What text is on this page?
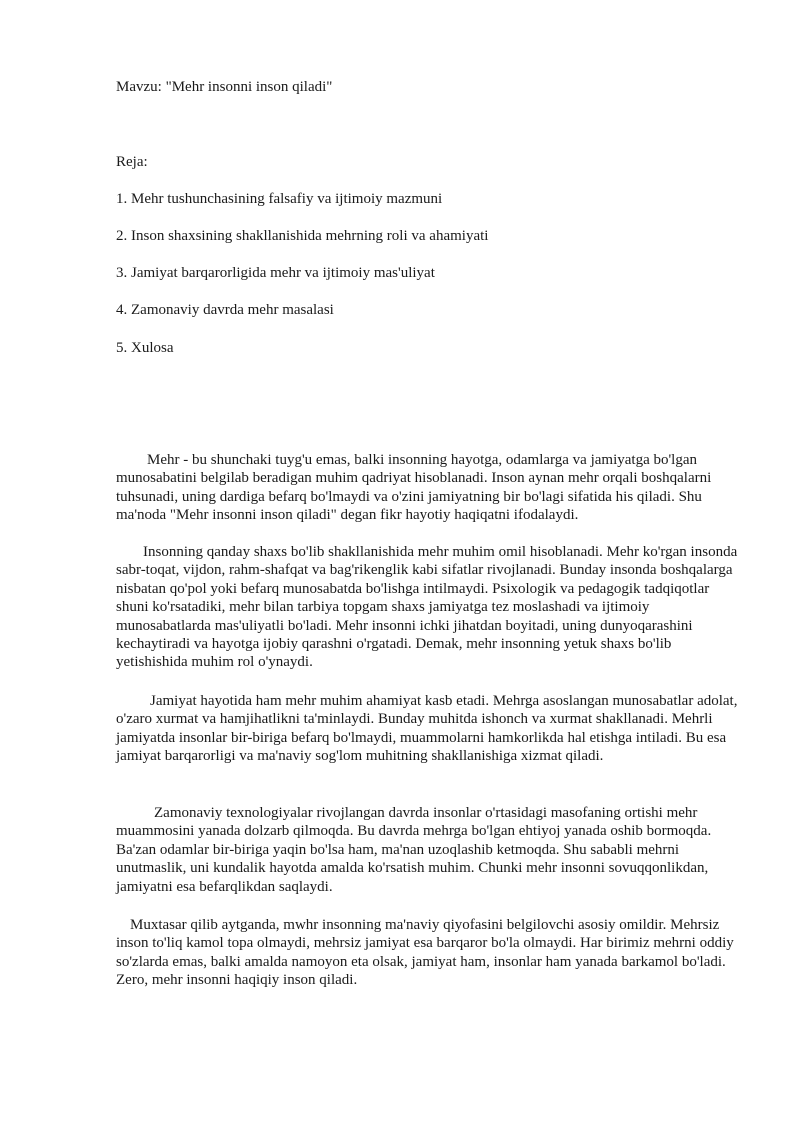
Mavzu: "Mehr insonni inson qiladi"
Reja:
1. Mehr tushunchasining falsafiy va ijtimoiy mazmuni
2. Inson shaxsining shakllanishida mehrning roli va ahamiyati
3. Jamiyat barqarorligida mehr va ijtimoiy mas'uliyat
4. Zamonaviy davrda mehr masalasi
5. Xulosa

Mehr - bu shunchaki tuyg'u emas, balki insonning hayotga, odamlarga va jamiyatga bo'lgan munosabatini belgilab beradigan muhim qadriyat hisoblanadi. Inson aynan mehr orqali boshqalarni tuhsunadi, uning dardiga befarq bo'lmaydi va o'zini jamiyatning bir bo'lagi sifatida his qiladi. Shu ma'noda "Mehr insonni inson qiladi" degan fikr hayotiy haqiqatni ifodalaydi.

Insonning qanday shaxs bo'lib shakllanishida mehr muhim omil hisoblanadi. Mehr ko'rgan insonda sabr-toqat, vijdon, rahm-shafqat va bag'rikenglik kabi sifatlar rivojlanadi. Bunday insonda boshqalarga nisbatan qo'pol yoki befarq munosabatda bo'lishga intilmaydi. Psixologik va pedagogik tadqiqotlar shuni ko'rsatadiki, mehr bilan tarbiya topgam shaxs jamiyatga tez moslashadi va ijtimoiy munosabatlarda mas'uliyatli bo'ladi. Mehr insonni ichki jihatdan boyitadi, uning dunyoqarashini kechaytiradi va hayotga ijobiy qarashni o'rgatadi. Demak, mehr insonning yetuk shaxs bo'lib yetishishida muhim rol o'ynaydi.

Jamiyat hayotida ham mehr muhim ahamiyat kasb etadi. Mehrga asoslangan munosabatlar adolat, o'zaro xurmat va hamjihatlikni ta'minlaydi. Bunday muhitda ishonch va xurmat shakllanadi. Mehrli jamiyatda insonlar bir-biriga befarq bo'lmaydi, muammolarni hamkorlikda hal etishga intiladi. Bu esa jamiyat barqarorligi va ma'naviy sog'lom muhitning shakllanishiga xizmat qiladi.

Zamonaviy texnologiyalar rivojlangan davrda insonlar o'rtasidagi masofaning ortishi mehr muammosini yanada dolzarb qilmoqda. Bu davrda mehrga bo'lgan ehtiyoj yanada oshib bormoqda. Ba'zan odamlar bir-biriga yaqin bo'lsa ham, ma'nan uzoqlashib ketmoqda. Shu sababli mehrni unutmaslik, uni kundalik hayotda amalda ko'rsatish muhim. Chunki mehr insonni sovuqqonlikdan, jamiyatni esa befarqlikdan saqlaydi.

Muxtasar qilib aytganda, mwhr insonning ma'naviy qiyofasini belgilovchi asosiy omildir. Mehrsiz inson to'liq kamol topa olmaydi, mehrsiz jamiyat esa barqaror bo'la olmaydi. Har birimiz mehrni oddiy so'zlarda emas, balki amalda namoyon eta olsak, jamiyat ham, insonlar ham yanada barkamol bo'ladi. Zero, mehr insonni haqiqiy inson qiladi.
